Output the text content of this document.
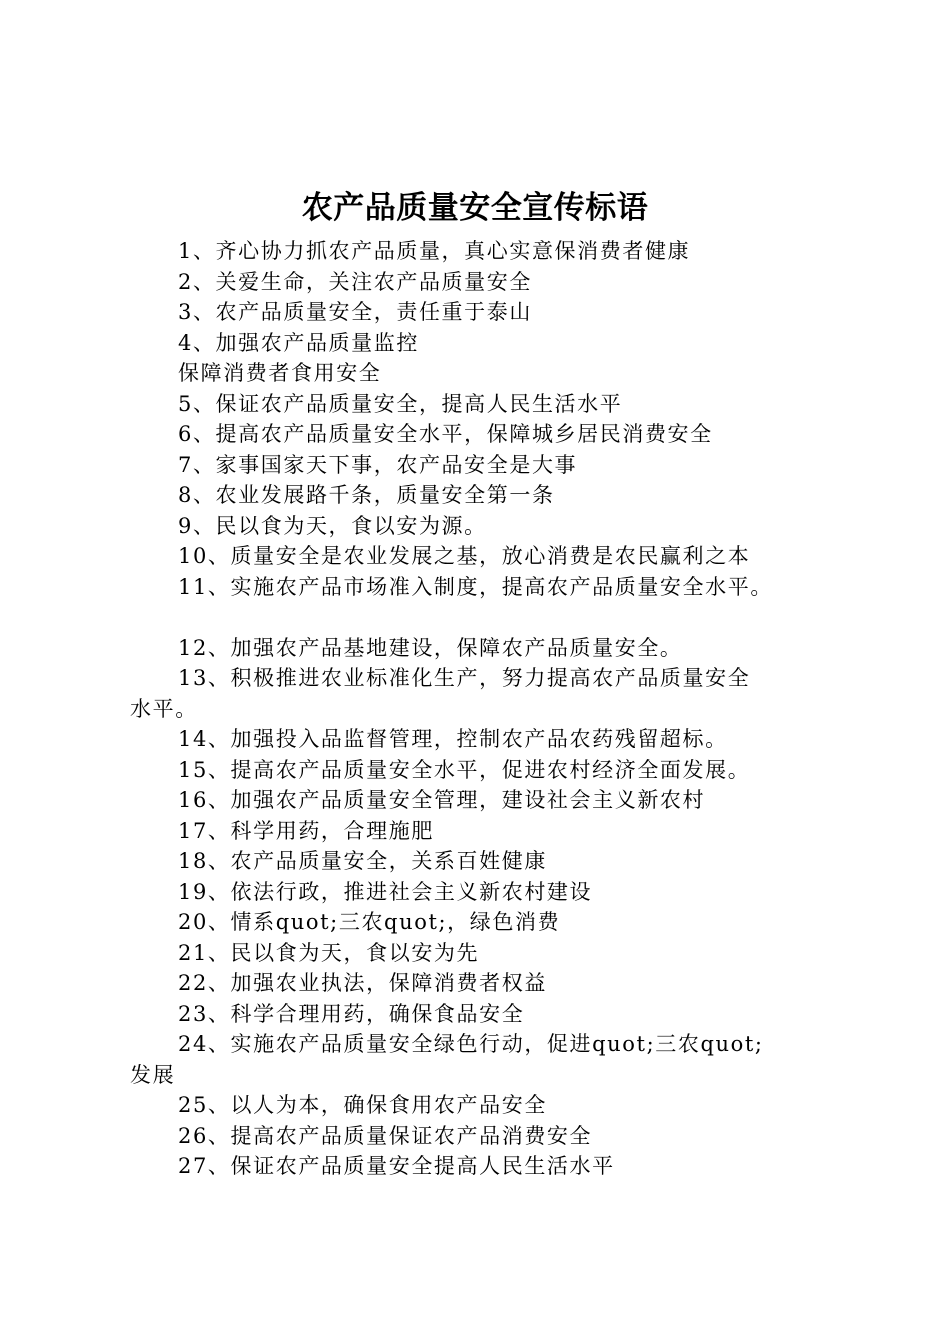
农产品质量安全宣传标语
1、齐心协力抓农产品质量，真心实意保消费者健康
2、关爱生命，关注农产品质量安全
3、农产品质量安全，责任重于泰山
4、加强农产品质量监控
保障消费者食用安全
5、保证农产品质量安全，提高人民生活水平
6、提高农产品质量安全水平，保障城乡居民消费安全
7、家事国家天下事，农产品安全是大事
8、农业发展路千条，质量安全第一条
9、民以食为天，食以安为源。
10、质量安全是农业发展之基，放心消费是农民赢利之本
11、实施农产品市场准入制度，提高农产品质量安全水平。
12、加强农产品基地建设，保障农产品质量安全。
13、积极推进农业标准化生产，努力提高农产品质量安全
水平。
14、加强投入品监督管理，控制农产品农药残留超标。
15、提高农产品质量安全水平，促进农村经济全面发展。
16、加强农产品质量安全管理，建设社会主义新农村
17、科学用药，合理施肥
18、农产品质量安全，关系百姓健康
19、依法行政，推进社会主义新农村建设
20、情系quot;三农quot;，绿色消费
21、民以食为天，食以安为先
22、加强农业执法，保障消费者权益
23、科学合理用药，确保食品安全
24、实施农产品质量安全绿色行动，促进quot;三农quot;
发展
25、以人为本，确保食用农产品安全
26、提高农产品质量保证农产品消费安全
27、保证农产品质量安全提高人民生活水平
